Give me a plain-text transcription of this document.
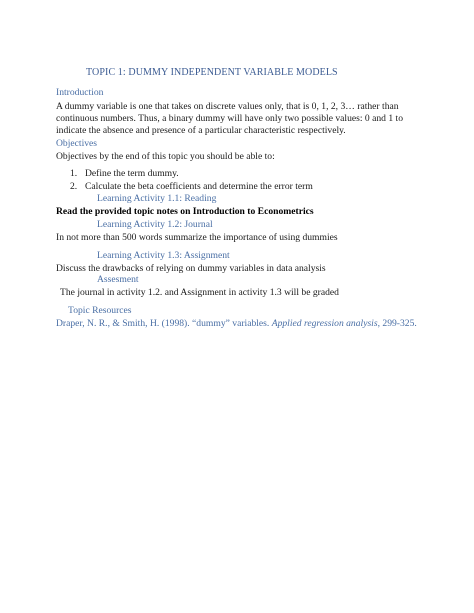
TOPIC 1: DUMMY INDEPENDENT VARIABLE MODELS
Introduction
A dummy variable is one that takes on discrete values only, that is 0, 1, 2, 3… rather than
continuous numbers. Thus, a binary dummy will have only two possible values: 0 and 1 to
indicate the absence and presence of a particular characteristic respectively.
Objectives
Objectives by the end of this topic you should be able to:
1. Define the term dummy.
2. Calculate the beta coefficients and determine the error term
Learning Activity 1.1: Reading
Read the provided topic notes on Introduction to Econometrics
Learning Activity 1.2: Journal
In not more than 500 words summarize the importance of using dummies
Learning Activity 1.3: Assignment
Discuss the drawbacks of relying on dummy variables in data analysis
Assesment
The journal in activity 1.2. and Assignment in activity 1.3 will be graded
Topic Resources
Draper, N. R., & Smith, H. (1998). “dummy” variables. Applied regression analysis, 299-325.
